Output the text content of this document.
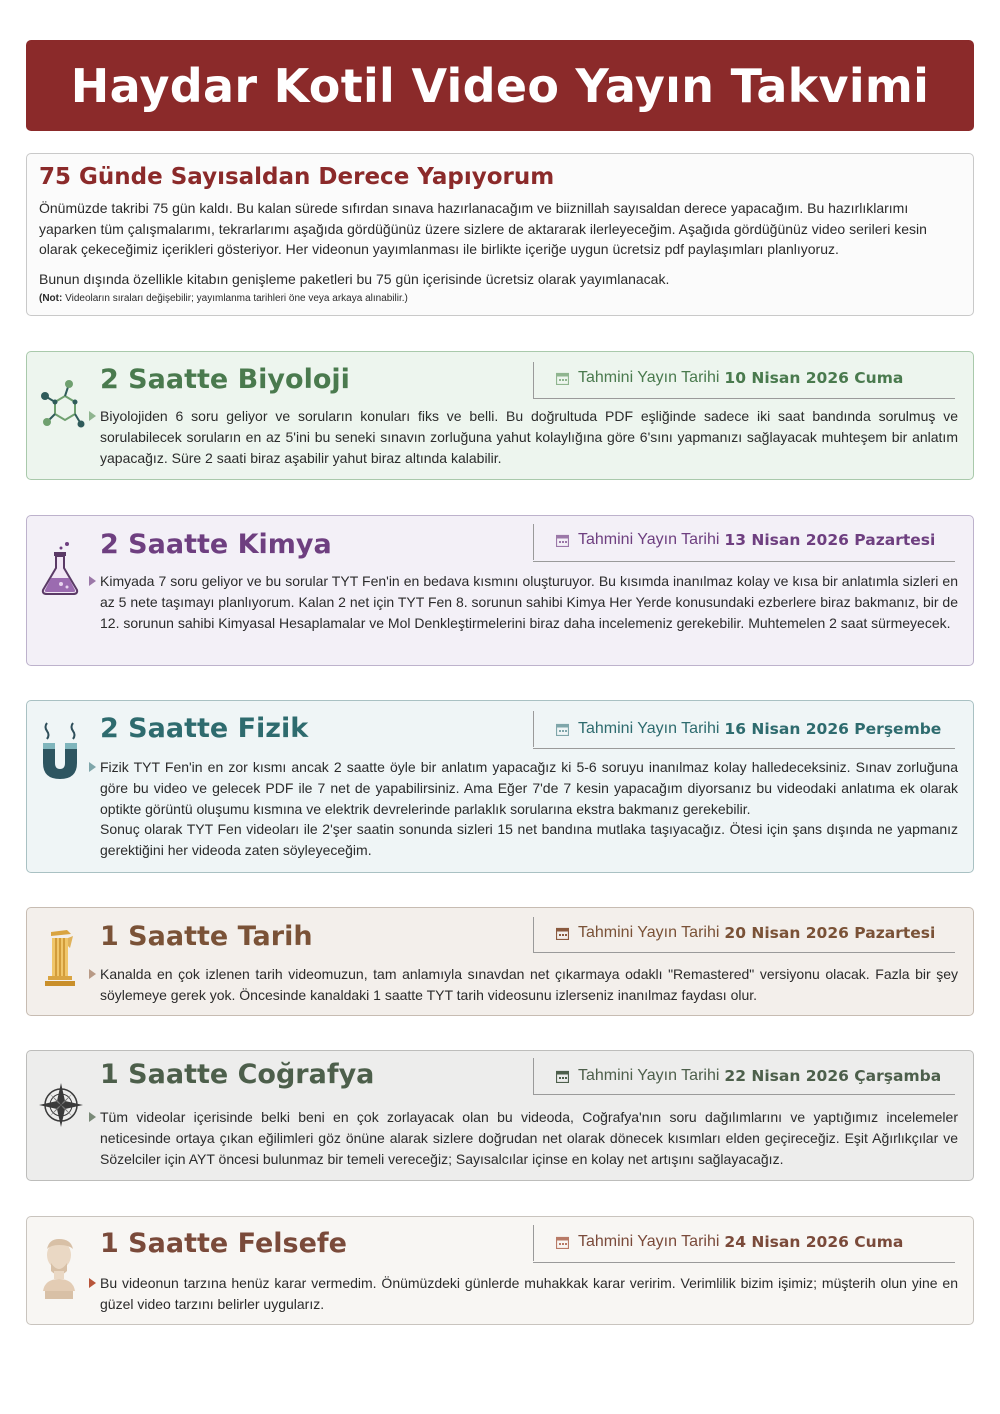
Haydar Kotil Video Yayın Takvimi
75 Günde Sayısaldan Derece Yapıyorum

Önümüzde takribi 75 gün kaldı. Bu kalan sürede sıfırdan sınava hazırlanacağım ve biiznillah sayısaldan derece yapacağım. Bu hazırlıklarımı yaparken tüm çalışmalarımı, tekrarlarımı aşağıda gördüğünüz üzere sizlere de aktararak ilerleyeceğim. Aşağıda gördüğünüz video serileri kesin olarak çekeceğimiz içerikleri gösteriyor. Her videonun yayımlanması ile birlikte içeriğe uygun ücretsiz pdf paylaşımları planlıyoruz.

Bunun dışında özellikle kitabın genişleme paketleri bu 75 gün içerisinde ücretsiz olarak yayımlanacak.

(Not: Videoların sıraları değişebilir; yayımlanma tarihleri öne veya arkaya alınabilir.)

2 Saatte Biyoloji	Tahmini Yayın Tarihi 10 Nisan 2026 Cuma
Biyolojiden 6 soru geliyor ve soruların konuları fiks ve belli. Bu doğrultuda PDF eşliğinde sadece iki saat bandında sorulmuş ve sorulabilecek soruların en az 5'ini bu seneki sınavın zorluğuna yahut kolaylığına göre 6'sını yapmanızı sağlayacak muhteşem bir anlatım yapacağız. Süre 2 saati biraz aşabilir yahut biraz altında kalabilir.
2 Saatte Kimya	Tahmini Yayın Tarihi 13 Nisan 2026 Pazartesi
Kimyada 7 soru geliyor ve bu sorular TYT Fen'in en bedava kısmını oluşturuyor. Bu kısımda inanılmaz kolay ve kısa bir anlatımla sizleri en az 5 nete taşımayı planlıyorum. Kalan 2 net için TYT Fen 8. sorunun sahibi Kimya Her Yerde konusundaki ezberlere biraz bakmanız, bir de 12. sorunun sahibi Kimyasal Hesaplamalar ve Mol Denkleştirmelerini biraz daha incelemeniz gerekebilir. Muhtemelen 2 saat sürmeyecek.
2 Saatte Fizik	Tahmini Yayın Tarihi 16 Nisan 2026 Perşembe
Fizik TYT Fen'in en zor kısmı ancak 2 saatte öyle bir anlatım yapacağız ki 5-6 soruyu inanılmaz kolay halledeceksiniz. Sınav zorluğuna göre bu video ve gelecek PDF ile 7 net de yapabilirsiniz. Ama Eğer 7'de 7 kesin yapacağım diyorsanız bu videodaki anlatıma ek olarak optikte görüntü oluşumu kısmına ve elektrik devrelerinde parlaklık sorularına ekstra bakmanız gerekebilir.
Sonuç olarak TYT Fen videoları ile 2'şer saatin sonunda sizleri 15 net bandına mutlaka taşıyacağız. Ötesi için şans dışında ne yapmanız gerektiğini her videoda zaten söyleyeceğim.
1 Saatte Tarih	Tahmini Yayın Tarihi 20 Nisan 2026 Pazartesi
Kanalda en çok izlenen tarih videomuzun, tam anlamıyla sınavdan net çıkarmaya odaklı "Remastered" versiyonu olacak. Fazla bir şey söylemeye gerek yok. Öncesinde kanaldaki 1 saatte TYT tarih videosunu izlerseniz inanılmaz faydası olur.
1 Saatte Coğrafya	Tahmini Yayın Tarihi 22 Nisan 2026 Çarşamba
Tüm videolar içerisinde belki beni en çok zorlayacak olan bu videoda, Coğrafya'nın soru dağılımlarını ve yaptığımız incelemeler neticesinde ortaya çıkan eğilimleri göz önüne alarak sizlere doğrudan net olarak dönecek kısımları elden geçireceğiz. Eşit Ağırlıkçılar ve Sözelciler için AYT öncesi bulunmaz bir temeli vereceğiz; Sayısalcılar içinse en kolay net artışını sağlayacağız.
1 Saatte Felsefe	Tahmini Yayın Tarihi 24 Nisan 2026 Cuma
Bu videonun tarzına henüz karar vermedim. Önümüzdeki günlerde muhakkak karar veririm. Verimlilik bizim işimiz; müşterih olun yine en güzel video tarzını belirler uygularız.
